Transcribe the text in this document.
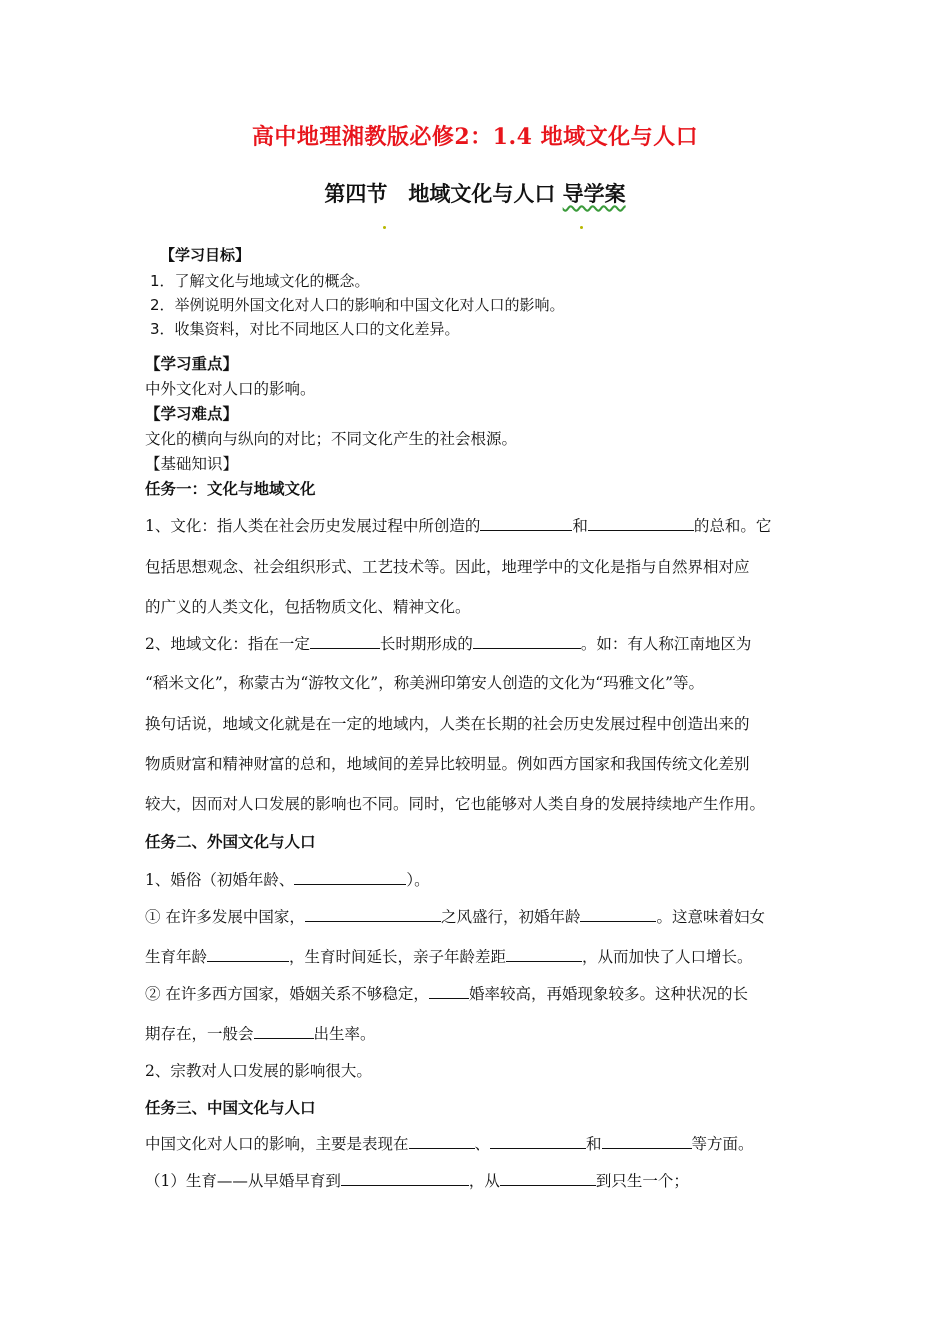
高中地理湘教版必修2：1.4 地域文化与人口
第四节　地域文化与人口 导学案
【学习目标】
1．了解文化与地域文化的概念。
2．举例说明外国文化对人口的影响和中国文化对人口的影响。
3．收集资料，对比不同地区人口的文化差异。
【学习重点】
中外文化对人口的影响。
【学习难点】
文化的横向与纵向的对比；不同文化产生的社会根源。
【基础知识】
任务一：文化与地域文化
1、文化：指人类在社会历史发展过程中所创造的	和	的总和。它
包括思想观念、社会组织形式、工艺技术等。因此，地理学中的文化是指与自然界相对应
的广义的人类文化，包括物质文化、精神文化。
2、地域文化：指在一定	长时期形成的	。如：有人称江南地区为
“稻米文化”，称蒙古为“游牧文化”，称美洲印第安人创造的文化为“玛雅文化”等。
换句话说，地域文化就是在一定的地域内，人类在长期的社会历史发展过程中创造出来的
物质财富和精神财富的总和，地域间的差异比较明显。例如西方国家和我国传统文化差别
较大，因而对人口发展的影响也不同。同时，它也能够对人类自身的发展持续地产生作用。
任务二、外国文化与人口
1、婚俗（初婚年龄、	）。
① 在许多发展中国家，	之风盛行，初婚年龄	。这意味着妇女
生育年龄	，生育时间延长，亲子年龄差距	，从而加快了人口增长。
② 在许多西方国家，婚姻关系不够稳定，	婚率较高，再婚现象较多。这种状况的长
期存在，一般会	出生率。
2、宗教对人口发展的影响很大。
任务三、中国文化与人口
中国文化对人口的影响，主要是表现在	、	和	等方面。
（1）生育——从早婚早育到	，从	到只生一个；
